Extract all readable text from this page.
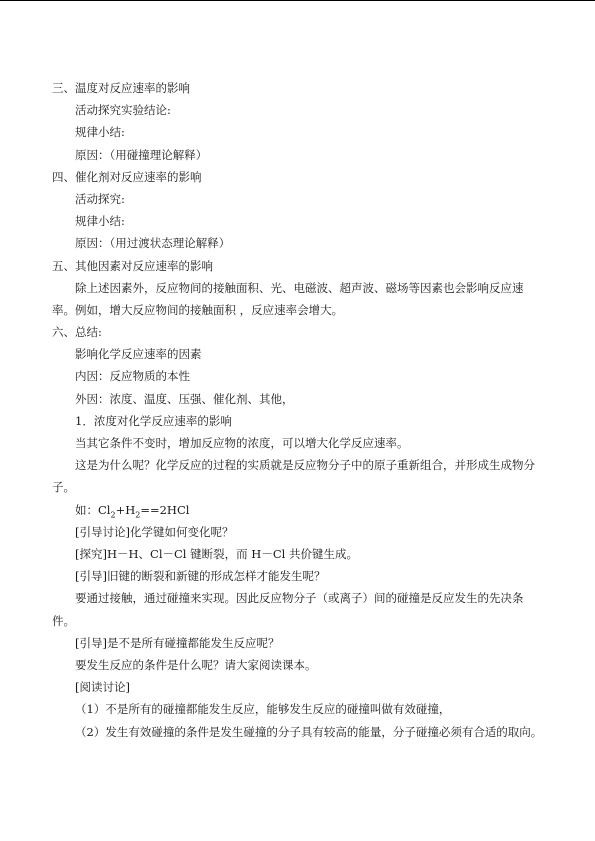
三、温度对反应速率的影响
活动探究实验结论:
规律小结:
原因：（用碰撞理论解释）
四、催化剂对反应速率的影响
活动探究:
规律小结:
原因：（用过渡状态理论解释）
五、其他因素对反应速率的影响
除上述因素外，反应物间的接触面积、光、电磁波、超声波、磁场等因素也会影响反应速率。例如，增大反应物间的接触面积 ，反应速率会增大。
六、总结:
影响化学反应速率的因素
内因：反应物质的本性
外因：浓度、温度、压强、催化剂、其他，
1．浓度对化学反应速率的影响
当其它条件不变时，增加反应物的浓度，可以增大化学反应速率。
这是为什么呢？化学反应的过程的实质就是反应物分子中的原子重新组合，并形成生成物分子。
如：$Cl_2+H_2==2HCl$
[引导讨论]化学键如何变化呢？
[探究]H－H、Cl－Cl 键断裂，而 H－Cl 共价键生成。
[引导]旧键的断裂和新键的形成怎样才能发生呢？
要通过接触，通过碰撞来实现。因此反应物分子（或离子）间的碰撞是反应发生的先决条件。
[引导]是不是所有碰撞都能发生反应呢？
要发生反应的条件是什么呢？请大家阅读课本。
[阅读讨论]
（1）不是所有的碰撞都能发生反应，能够发生反应的碰撞叫做有效碰撞，
（2）发生有效碰撞的条件是发生碰撞的分子具有较高的能量，分子碰撞必须有合适的取向。
